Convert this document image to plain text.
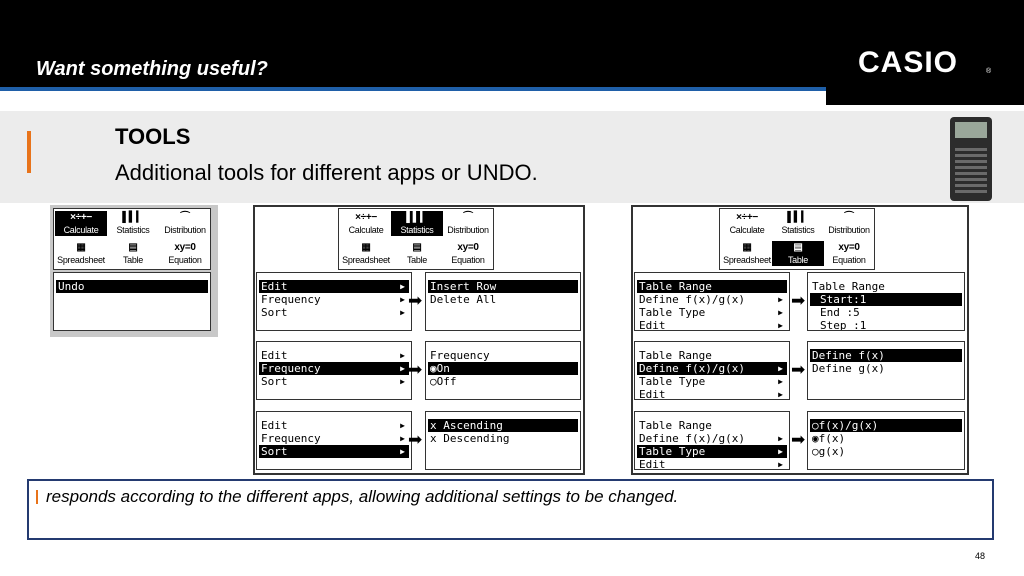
Want something useful?	CASIO	®
TOOLS
Additional tools for different apps or UNDO.
×÷+−
Calculate
▌▍▎
Statistics
⌒
Distribution
▦
Spreadsheet
▤
Table
xy=0
Equation
Undo
×÷+−
Calculate
▌▍▎
Statistics
⌒
Distribution
▦
Spreadsheet
▤
Table
xy=0
Equation
Edit	▶
Frequency	▶
Sort	▶
➡
Insert Row
Delete All
Edit	▶
Frequency	▶
Sort	▶
➡
Frequency
◉On
○Off
Edit	▶
Frequency	▶
Sort	▶
➡
x Ascending
x Descending
×÷+−
Calculate
▌▍▎
Statistics
⌒
Distribution
▦
Spreadsheet
▤
Table
xy=0
Equation
Table Range
Define f(x)/g(x)	▶
Table Type	▶
Edit	▶
➡
Table Range
Start:1
End :5
Step :1
Table Range
Define f(x)/g(x)	▶
Table Type	▶
Edit	▶
➡
Define f(x)
Define g(x)
Table Range
Define f(x)/g(x)	▶
Table Type	▶
Edit	▶
➡
○f(x)/g(x)
◉f(x)
○g(x)
responds according to the different apps, allowing additional settings to be changed.
48
